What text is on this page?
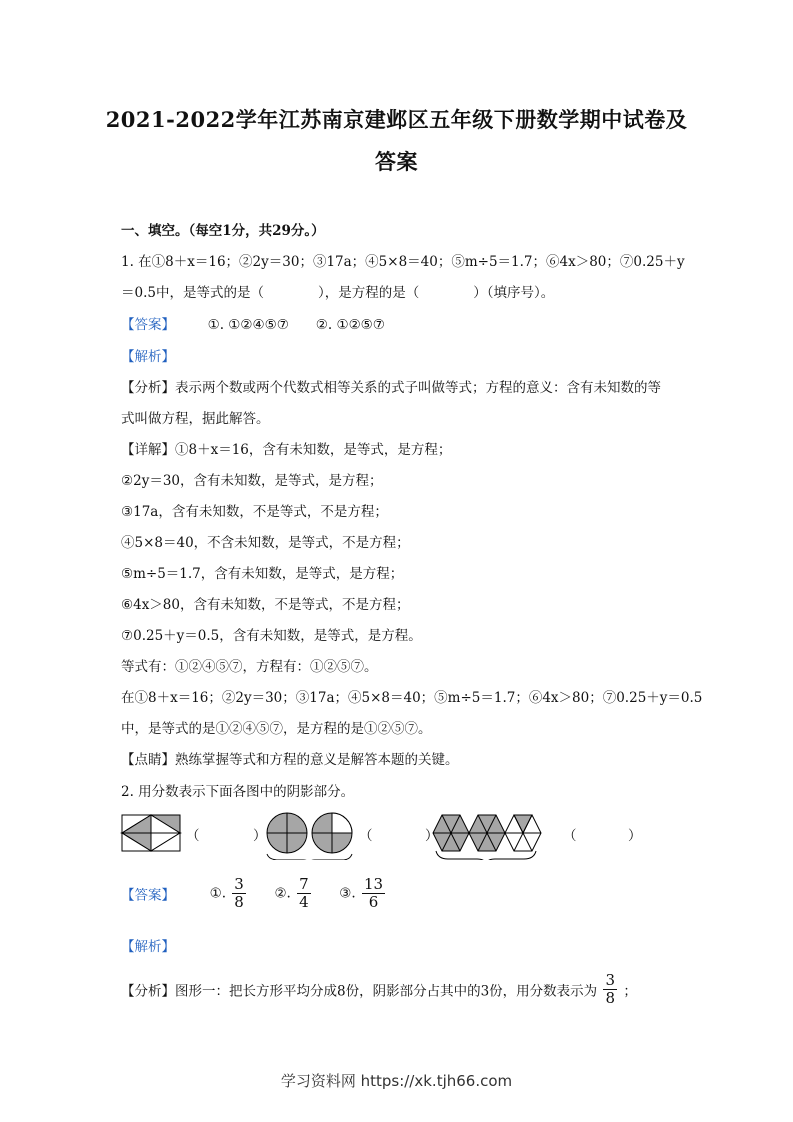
2021-2022学年江苏南京建邺区五年级下册数学期中试卷及
答案
一、填空。（每空1分，共29分。）
1. 在①8＋x＝16；②2y＝30；③17a；④5×8＝40；⑤m÷5＝1.7；⑥4x＞80；⑦0.25＋y
＝0.5中，是等式的是（　　　　），是方程的是（　　　　）（填序号）。
【答案】 ①. ①②④⑤⑦　　②. ①②⑤⑦
【解析】
【分析】表示两个数或两个代数式相等关系的式子叫做等式；方程的意义：含有未知数的等
式叫做方程，据此解答。
【详解】①8＋x＝16，含有未知数，是等式，是方程；
②2y＝30，含有未知数，是等式，是方程；
③17a，含有未知数，不是等式，不是方程；
④5×8＝40，不含未知数，是等式，不是方程；
⑤m÷5＝1.7，含有未知数，是等式，是方程；
⑥4x＞80，含有未知数，不是等式，不是方程；
⑦0.25＋y＝0.5，含有未知数，是等式，是方程。
等式有：①②④⑤⑦，方程有：①②⑤⑦。
在①8＋x＝16；②2y＝30；③17a；④5×8＝40；⑤m÷5＝1.7；⑥4x＞80；⑦0.25＋y＝0.5
中，是等式的是①②④⑤⑦，是方程的是①②⑤⑦。
【点睛】熟练掌握等式和方程的意义是解答本题的关键。
2. 用分数表示下面各图中的阴影部分。
（	）	（	）	（	）
【答案】	①. $\frac{3}{8}$ ②. $\frac{7}{4}$ ③. $\frac{13}{6}$
【解析】
【分析】图形一：把长方形平均分成8份，阴影部分占其中的3份，用分数表示为 $\frac{3}{8}$ ；
学习资料网 https://xk.tjh66.com
